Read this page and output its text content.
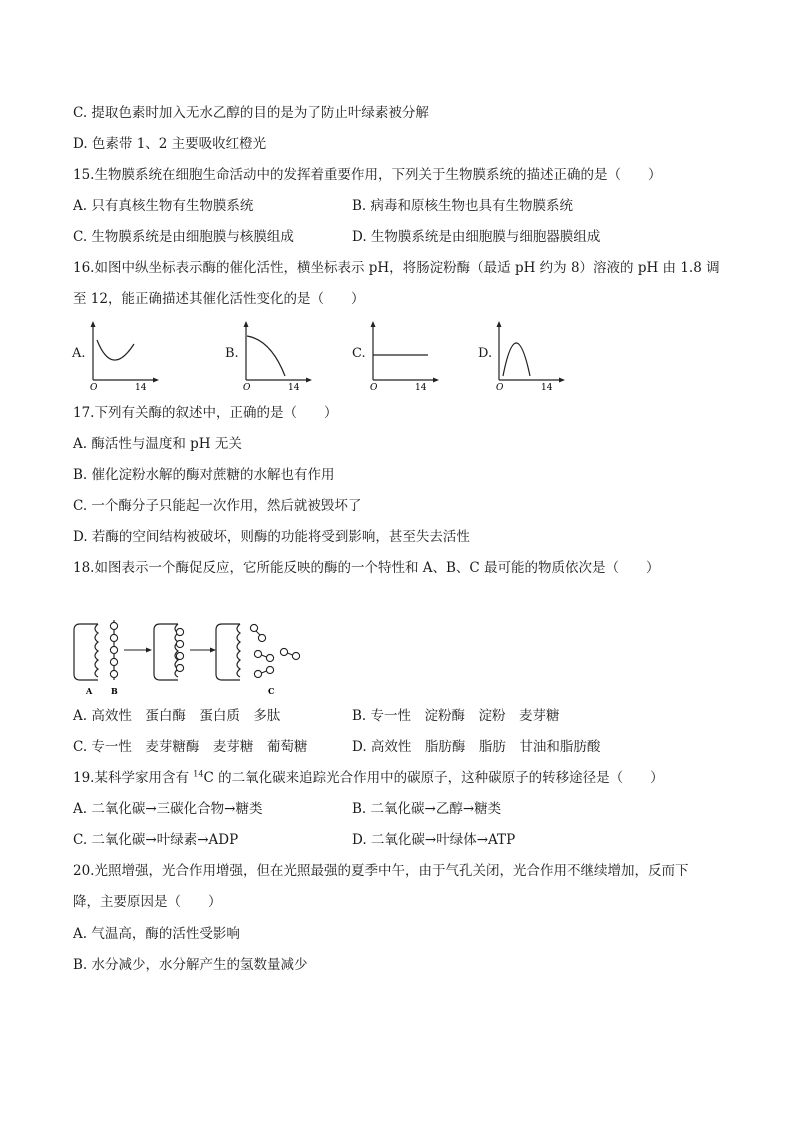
C. 提取色素时加入无水乙醇的目的是为了防止叶绿素被分解
D. 色素带 1、2 主要吸收红橙光
15.生物膜系统在细胞生命活动中的发挥着重要作用，下列关于生物膜系统的描述正确的是（　　）
A. 只有真核生物有生物膜系统	B. 病毒和原核生物也具有生物膜系统
C. 生物膜系统是由细胞膜与核膜组成	D. 生物膜系统是由细胞膜与细胞器膜组成
16.如图中纵坐标表示酶的催化活性，横坐标表示 pH，将肠淀粉酶（最适 pH 约为 8）溶液的 pH 由 1.8 调
至 12，能正确描述其催化活性变化的是（　　）
A.
O	14
B.
O	14
C.
O	14
D.
O	14
17.下列有关酶的叙述中，正确的是（　　）
A. 酶活性与温度和 pH 无关
B. 催化淀粉水解的酶对蔗糖的水解也有作用
C. 一个酶分子只能起一次作用，然后就被毁坏了
D. 若酶的空间结构被破坏，则酶的功能将受到影响，甚至失去活性
18.如图表示一个酶促反应，它所能反映的酶的一个特性和 A、B、C 最可能的物质依次是（　　）
A B	C
A. 高效性　蛋白酶　蛋白质　多肽	B. 专一性　淀粉酶　淀粉　麦芽糖
C. 专一性　麦芽糖酶　麦芽糖　葡萄糖	D. 高效性　脂肪酶　脂肪　甘油和脂肪酸
19.某科学家用含有 $^{14}$C 的二氧化碳来追踪光合作用中的碳原子，这种碳原子的转移途径是（　　）
A. 二氧化碳→三碳化合物→糖类	B. 二氧化碳→乙醇→糖类
C. 二氧化碳→叶绿素→ADP	D. 二氧化碳→叶绿体→ATP
20.光照增强，光合作用增强，但在光照最强的夏季中午，由于气孔关闭，光合作用不继续增加，反而下
降，主要原因是（　　）
A. 气温高，酶的活性受影响
B. 水分减少，水分解产生的氢数量减少
